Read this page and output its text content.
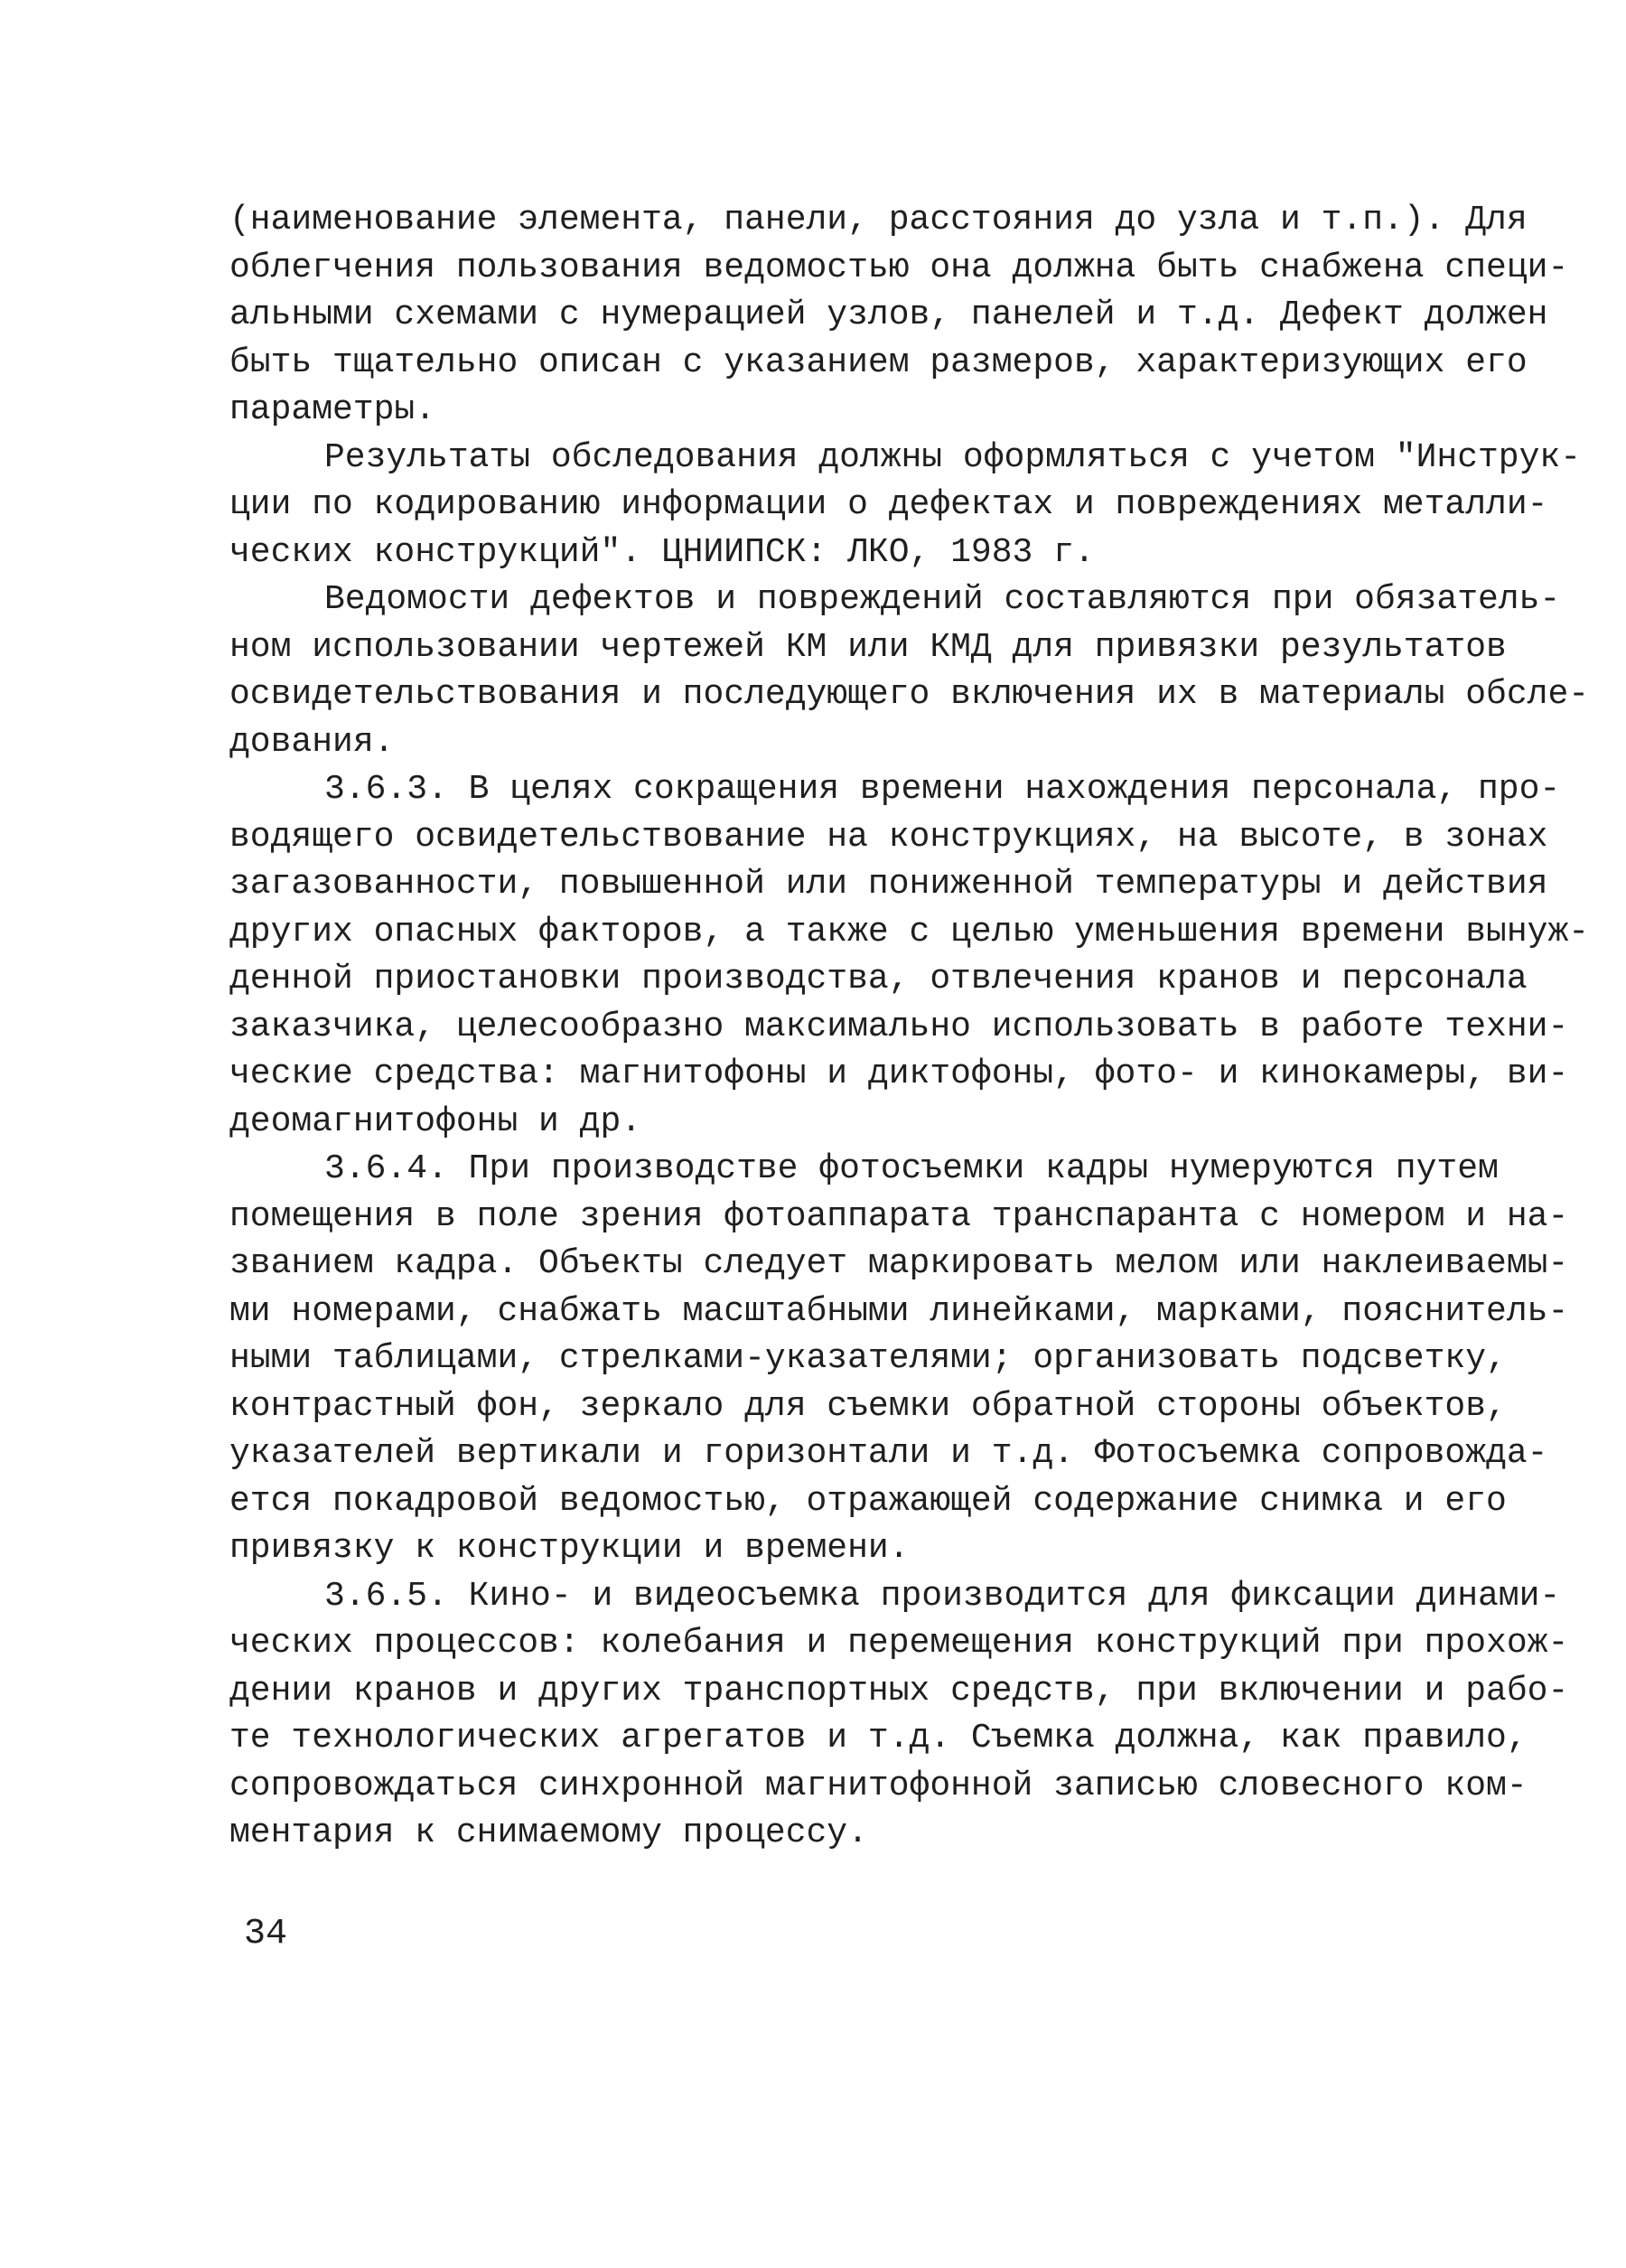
(наименование элемента, панели, расстояния до узла и т.п.). Для
облегчения пользования ведомостью она должна быть снабжена специ-
альными схемами с нумерацией узлов, панелей и т.д. Дефект должен
быть тщательно описан с указанием размеров, характеризующих его
параметры.
Результаты обследования должны оформляться с учетом "Инструк-
ции по кодированию информации о дефектах и повреждениях металли-
ческих конструкций". ЦНИИПСК: ЛКО, 1983 г.
Ведомости дефектов и повреждений составляются при обязатель-
ном использовании чертежей КМ или КМД для привязки результатов
освидетельствования и последующего включения их в материалы обсле-
дования.
3.6.3. В целях сокращения времени нахождения персонала, про-
водящего освидетельствование на конструкциях, на высоте, в зонах
загазованности, повышенной или пониженной температуры и действия
других опасных факторов, а также с целью уменьшения времени вынуж-
денной приостановки производства, отвлечения кранов и персонала
заказчика, целесообразно максимально использовать в работе техни-
ческие средства: магнитофоны и диктофоны, фото- и кинокамеры, ви-
деомагнитофоны и др.
3.6.4. При производстве фотосъемки кадры нумеруются путем
помещения в поле зрения фотоаппарата транспаранта с номером и на-
званием кадра. Объекты следует маркировать мелом или наклеиваемы-
ми номерами, снабжать масштабными линейками, марками, пояснитель-
ными таблицами, стрелками-указателями; организовать подсветку,
контрастный фон, зеркало для съемки обратной стороны объектов,
указателей вертикали и горизонтали и т.д. Фотосъемка сопровожда-
ется покадровой ведомостью, отражающей содержание снимка и его
привязку к конструкции и времени.
3.6.5. Кино- и видеосъемка производится для фиксации динами-
ческих процессов: колебания и перемещения конструкций при прохож-
дении кранов и других транспортных средств, при включении и рабо-
те технологических агрегатов и т.д. Съемка должна, как правило,
сопровождаться синхронной магнитофонной записью словесного ком-
ментария к снимаемому процессу.
34
